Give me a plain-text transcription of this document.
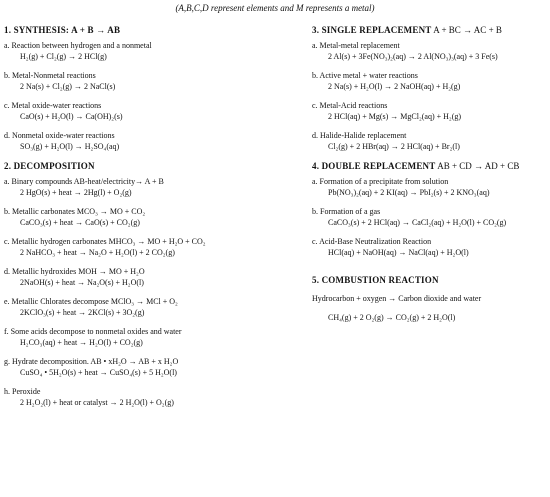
(A,B,C,D represent elements and M represents a metal)
1. SYNTHESIS: A + B → AB
a. Reaction between hydrogen and a nonmetal
H₂(g) + Cl₂(g) → 2 HCl(g)
b. Metal-Nonmetal reactions
2 Na(s) + Cl₂(g) → 2 NaCl(s)
c. Metal oxide-water reactions
CaO(s) + H₂O(l) → Ca(OH)₂(s)
d. Nonmetal oxide-water reactions
SO₃(g) + H₂O(l) → H₂SO₄(aq)
2. DECOMPOSITION
a. Binary compounds AB-heat/electricity→ A + B
2 HgO(s) + heat → 2Hg(l) + O₂(g)
b. Metallic carbonates MCO₃ → MO + CO₂
CaCO₃(s) + heat → CaO(s) + CO₂(g)
c. Metallic hydrogen carbonates MHCO₃ → MO + H₂O + CO₂
2 NaHCO₃ + heat → Na₂O + H₂O(l) + 2 CO₂(g)
d. Metallic hydroxides MOH → MO + H₂O
2NaOH(s) + heat → Na₂O(s) + H₂O(l)
e. Metallic Chlorates decompose MClO₃ → MCl + O₂
2KClO₃(s) + heat → 2KCl(s) + 3O₂(g)
f. Some acids decompose to nonmetal oxides and water
H₂CO₃(aq) + heat → H₂O(l) + CO₂(g)
g. Hydrate decomposition. AB • xH₂O → AB + x H₂O
CuSO₄ • 5H₂O(s) + heat → CuSO₄(s) + 5 H₂O(l)
h. Peroxide
2 H₂O₂(l) + heat or catalyst → 2 H₂O(l) + O₂(g)
3. SINGLE REPLACEMENT A + BC → AC + B
a. Metal-metal replacement
2 Al(s) + 3Fe(NO₃)₂(aq) → 2 Al(NO₃)₃(aq) + 3 Fe(s)
b. Active metal + water reactions
2 Na(s) + H₂O(l) → 2 NaOH(aq) + H₂(g)
c. Metal-Acid reactions
2 HCl(aq) + Mg(s) → MgCl₂(aq) + H₂(g)
d. Halide-Halide replacement
Cl₂(g) + 2 HBr(aq) → 2 HCl(aq) + Br₂(l)
4. DOUBLE REPLACEMENT AB + CD → AD + CB
a. Formation of a precipitate from solution
Pb(NO₃)₂(aq) + 2 KI(aq) → PbI₂(s) + 2 KNO₃(aq)
b. Formation of a gas
CaCO₃(s) + 2 HCl(aq) → CaCl₂(aq) + H₂O(l) + CO₂(g)
c. Acid-Base Neutralization Reaction
HCl(aq) + NaOH(aq) → NaCl(aq) + H₂O(l)
5. COMBUSTION REACTION
Hydrocarbon + oxygen → Carbon dioxide and water
CH₄(g) + 2 O₂(g) → CO₂(g) + 2 H₂O(l)
